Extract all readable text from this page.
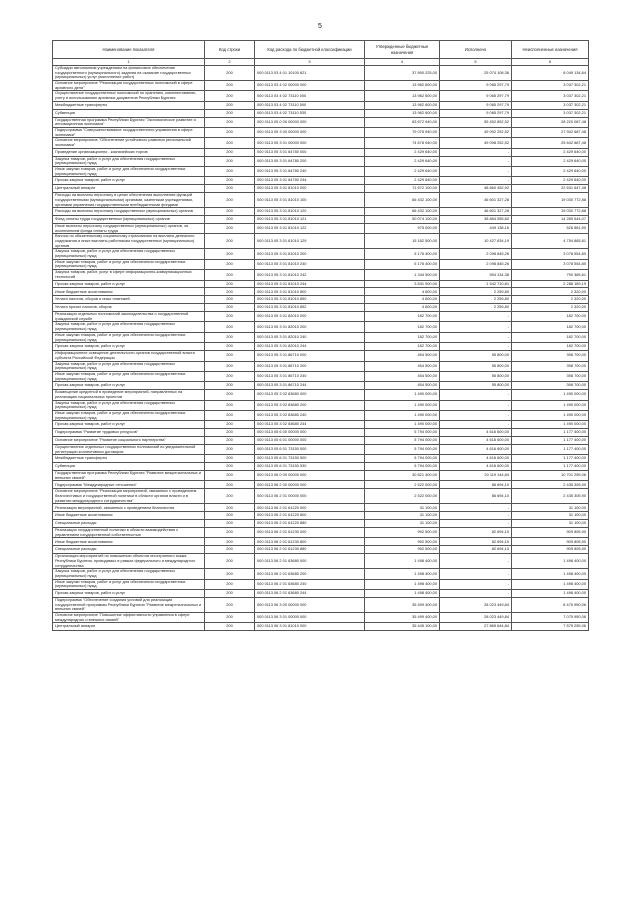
5
Наименование показателя	Код строки	Код расхода по бюджетной классификации	Утвержденные бюджетные назначения	Исполнено	Неисполненные назначения
1	2	3	4	5	6
Субсидии автономным учреждениям на финансовое обеспечение государственного (муниципального) задания на оказание государственных (муниципальных) услуг (выполнение работ)	200	000 0113 03 4 01 10100 621	37 890 225,00	25 074 108,36	8 049 134,64
Основное мероприятие "Реализация государственных полномочий в сфере архивного дела"	200	000 0113 03 4 02 00000 000	13 982 600,00	9 065 297,79	3 037 302,21
Осуществление государственных полномочий по хранению, комплектованию, учету и использованию архивных документов Республики Бурятия	200	000 0113 03 4 02 73110 000	13 982 600,00	9 065 297,79	3 037 302,21
Межбюджетные трансферты	200	000 0113 03 4 02 73110 500	13 982 600,00	9 065 297,79	3 037 302,21
Субвенции	200	000 0113 03 4 02 73110 530	13 982 600,00	9 065 297,79	3 037 302,21
Государственная программа Республики Бурятия "Экономическое развитие и инновационная экономика"	200	000 0113 05 0 00 00000 000	83 672 940,00	55 452 852,52	28 220 087,48
Подпрограмма "Совершенствование государственного управления в сфере экономики"	200	000 0113 05 3 00 00000 000	79 075 940,00	49 092 252,52	27 942 687,48
Основное мероприятие "Обеспечение устойчивого развития региональной экономики"	200	000 0113 05 3 01 00000 000	74 678 940,00	49 098 252,52	25 642 687,48
Проведение организационно - казначейских торгов	200	000 0113 05 3 01 64780 000	2 429 640,00	-	2 429 640,00
Закупка товаров, работ и услуг для обеспечения государственных (муниципальных) нужд	200	000 0113 05 3 01 64780 200	2 429 640,00	-	2 429 640,00
Иные закупки товаров, работ и услуг для обеспечения государственных (муниципальных) нужд	200	000 0113 05 3 01 64780 240	2 429 640,00	-	2 429 640,00
Прочая закупка товаров, работ и услуг	200	000 0113 05 3 01 64780 244	2 429 640,00	-	2 429 640,00
Центральный аппарат	200	000 0113 05 3 01 81010 000	71 672 100,00	48 660 452,92	22 631 647,48
Расходы на выплаты персоналу в целях обеспечения выполнения функций государственными (муниципальными) органами, казенными учреждениями, органами управления государственными внебюджетными фондами	200	000 0113 05 3 01 81010 100	66 432 100,00	46 601 327,28	19 030 772,88
Расходы на выплаты персоналу государственных (муниципальных) органов	200	000 0113 05 3 01 81010 120	66 432 100,00	46 601 327,28	19 030 772,88
Фонд оплаты труда государственных (муниципальных) органов	200	000 0113 05 3 01 81010 121	50 074 100,00	38 884 555,60	14 289 544,07
Иные выплаты персоналу государственных (муниципальных) органов, за исключением фонда оплаты труда	200	000 0113 05 3 01 81010 122	975 000,00	449 138,16	526 861,90
Взносы по обязательному социальному страхованию на выплаты денежного содержания и иные выплаты работникам государственных (муниципальных) органов	200	000 0113 05 3 01 81010 129	15 182 500,00	10 427 634,19	4 754 865,81
Закупка товаров, работ и услуг для обеспечения государственных (муниципальных) нужд	200	000 0113 05 3 01 81010 200	5 176 400,00	2 098 845,26	3 078 554,80
Иные закупки товаров, работ и услуг для обеспечения государственных (муниципальных) нужд	200	000 0113 05 3 01 81010 240	5 176 400,00	2 098 845,26	3 078 554,80
Закупка товаров, работ, услуг в сфере информационно-коммуникационных технологий	200	000 0113 05 3 01 81010 242	1 344 500,00	554 134,38	790 365,61
Прочая закупка товаров, работ и услуг	200	000 0113 05 3 01 81010 244	3 831 900,00	1 542 710,81	2 288 189,19
Иные бюджетные ассигнования	200	000 0113 05 3 01 81010 800	4 600,00	2 259,80	2 320,00
Уплата налогов, сборов и иных платежей	200	000 0113 05 3 01 81010 850	4 600,00	2 259,80	2 320,00
Уплата прочих налогов, сборов	200	000 0113 05 3 01 81010 852	4 600,00	2 259,80	2 320,00
Реализация отдельных полномочий законодательства о государственной гражданской службе	200	000 0113 05 3 01 82010 000	182 700,00	-	182 700,00
Закупка товаров, работ и услуг для обеспечения государственных (муниципальных) нужд	200	000 0113 05 3 01 82010 200	182 700,00	-	182 700,00
Иные закупки товаров, работ и услуг для обеспечения государственных (муниципальных) нужд	200	000 0113 05 3 01 82010 240	182 700,00	-	182 700,00
Прочая закупка товаров, работ и услуг	200	000 0113 05 3 01 82010 244	182 700,00	-	182 700,00
Информационное освещение деятельности органов государственной власти субъекта Российской Федерации	200	000 0113 05 3 01 86710 000	454 500,00	55 800,00	398 700,00
Закупка товаров, работ и услуг для обеспечения государственных (муниципальных) нужд	200	000 0113 05 3 01 86710 200	454 500,00	55 800,00	398 700,00
Иные закупки товаров, работ и услуг для обеспечения государственных (муниципальных) нужд	200	000 0113 05 3 01 86710 240	454 500,00	55 800,00	398 700,00
Прочая закупка товаров, работ и услуг	200	000 0113 05 3 01 86710 244	454 500,00	55 800,00	398 700,00
Возмещение кредитной в проведение мероприятий, направленных на реализацию национальных проектов	200	000 0113 05 3 02 83680 000	1 490 000,00	-	1 490 000,00
Закупка товаров, работ и услуг для обеспечения государственных (муниципальных) нужд	200	000 0113 05 3 02 83680 200	1 490 000,00	-	1 490 000,00
Иные закупки товаров, работ и услуг для обеспечения государственных (муниципальных) нужд	200	000 0113 05 3 02 83680 240	1 490 000,00	-	1 490 000,00
Прочая закупка товаров, работ и услуг	200	000 0113 05 3 02 83680 244	1 490 000,00	-	1 490 000,00
Подпрограмма "Развитие трудовых ресурсов"	200	000 0113 05 6 00 00000 000	5 794 000,00	4 616 600,00	1 177 400,00
Основное мероприятие "Развитие социального партнерства"	200	000 0113 05 6 01 00000 000	5 794 000,00	4 616 600,00	1 177 400,00
Осуществление отдельных государственных полномочий по уведомительной регистрации коллективных договоров	200	000 0113 05 6 01 73150 000	5 794 000,00	4 616 600,00	1 177 400,00
Межбюджетные трансферты	200	000 0113 05 6 01 73150 500	5 794 000,00	4 616 600,00	1 177 400,00
Субвенции	200	000 0113 05 6 01 73150 530	5 794 000,00	4 616 600,00	1 177 400,00
Государственная программа Республики Бурятия "Развитие межрегиональных и внешних связей"	200	000 0113 06 0 00 00000 000	30 821 400,00	20 119 144,84	10 701 255,06
Подпрограмма "Международные отношения"	200	000 0113 06 2 00 00000 000	2 522 000,00	86 694,10	2 435 305,90
Основное мероприятие "Реализация мероприятий, связанных с проведением благочестивых и государственной политики в области органов власти и в развитии международного сотрудничества"	200	000 0113 06 2 01 00000 000	2 522 000,00	86 694,10	2 435 305,90
Реализация мероприятий, связанных с проведением благочестия	200	000 0113 06 2 01 61220 000	31 100,00	-	31 100,00
Иные бюджетные ассигнования	200	000 0113 06 2 01 61220 800	31 100,00	-	31 100,00
Специальные расходы	200	000 0113 06 2 01 61220 880	31 100,00	-	31 100,00
Реализация государственной политики в области взаимодействия с управлением государственной собственностью	200	000 0113 06 2 01 61230 000	992 500,00	82 694,10	909 805,90
Иные бюджетные ассигнования	200	000 0113 06 2 01 61230 800	992 500,00	82 694,10	909 805,90
Специальные расходы	200	000 0113 06 2 01 61230 880	992 500,00	82 694,10	909 805,90
Организация мероприятий по повышению объектов иностранного языка Республики Бурятия, проводимых в рамках федерального и международного сотрудничества	200	000 0113 06 2 01 63680 000	1 498 400,00	-	1 498 400,00
Закупка товаров, работ и услуг для обеспечения государственных (муниципальных) нужд	200	000 0113 06 2 01 63680 200	1 498 400,00	-	1 498 400,00
Иные закупки товаров, работ и услуг для обеспечения государственных (муниципальных) нужд	200	000 0113 06 2 01 63680 240	1 498 400,00	-	1 498 400,00
Прочая закупка товаров, работ и услуг	200	000 0113 06 2 01 63680 244	1 498 400,00	-	1 498 400,00
Подпрограмма "Обеспечение создания условий для реализации государственной программы Республики Бурятия "Развитие межрегиональных и внешних связей"	200	000 0113 06 3 00 00000 000	35 499 400,00	28 023 449,84	8 475 950,06
Основное мероприятие "Повышение эффективности управления в сфере международных и внешних связей"	200	000 0113 06 3 01 00000 000	35 499 400,00	28 023 449,84	7 075 950,06
Центральный аппарат	200	000 0113 06 3 01 81010 000	35 445 100,00	27 865 644,84	7 579 255,06
